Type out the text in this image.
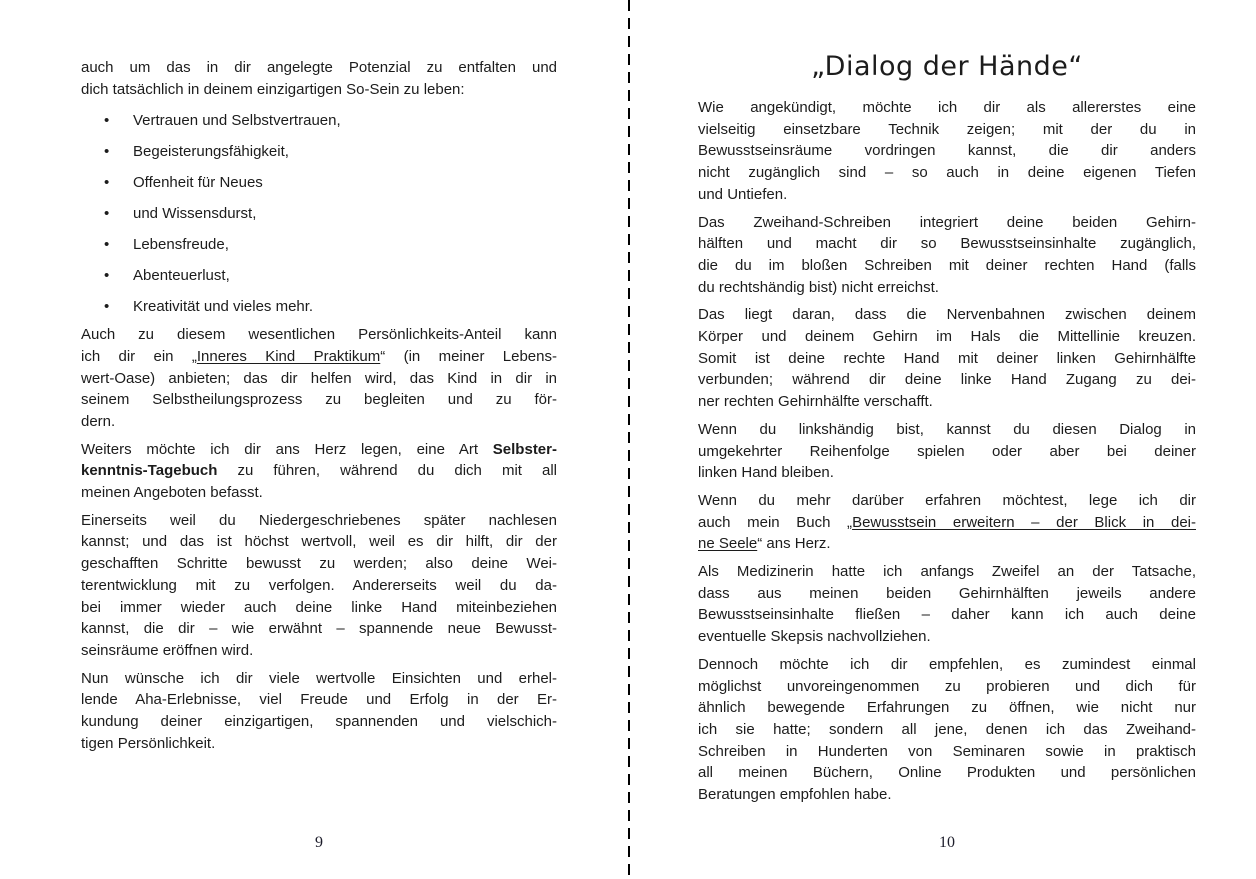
auch um das in dir angelegte Potenzial zu entfalten und
dich tatsächlich in deinem einzigartigen So-Sein zu leben:

• Vertrauen und Selbstvertrauen,
• Begeisterungsfähigkeit,
• Offenheit für Neues
• und Wissensdurst,
• Lebensfreude,
• Abenteuerlust,
• Kreativität und vieles mehr.

Auch zu diesem wesentlichen Persönlichkeits-Anteil kann
ich dir ein „Inneres Kind Praktikum“ (in meiner Lebens-
wert-Oase) anbieten; das dir helfen wird, das Kind in dir in
seinem Selbstheilungsprozess zu begleiten und zu för-
dern.

Weiters möchte ich dir ans Herz legen, eine Art Selbster-
kenntnis-Tagebuch zu führen, während du dich mit all
meinen Angeboten befasst.

Einerseits weil du Niedergeschriebenes später nachlesen
kannst; und das ist höchst wertvoll, weil es dir hilft, dir der
geschafften Schritte bewusst zu werden; also deine Wei-
terentwicklung mit zu verfolgen. Andererseits weil du da-
bei immer wieder auch deine linke Hand miteinbeziehen
kannst, die dir – wie erwähnt – spannende neue Bewusst-
seinsräume eröffnen wird.

Nun wünsche ich dir viele wertvolle Einsichten und erhel-
lende Aha-Erlebnisse, viel Freude und Erfolg in der Er-
kundung deiner einzigartigen, spannenden und vielschich-
tigen Persönlichkeit.

9
„Dialog der Hände“

Wie angekündigt, möchte ich dir als allererstes eine
vielseitig einsetzbare Technik zeigen; mit der du in
Bewusstseinsräume vordringen kannst, die dir anders
nicht zugänglich sind – so auch in deine eigenen Tiefen
und Untiefen.

Das Zweihand-Schreiben integriert deine beiden Gehirn-
hälften und macht dir so Bewusstseinsinhalte zugänglich,
die du im bloßen Schreiben mit deiner rechten Hand (falls
du rechtshändig bist) nicht erreichst.

Das liegt daran, dass die Nervenbahnen zwischen deinem
Körper und deinem Gehirn im Hals die Mittellinie kreuzen.
Somit ist deine rechte Hand mit deiner linken Gehirnhälfte
verbunden; während dir deine linke Hand Zugang zu dei-
ner rechten Gehirnhälfte verschafft.

Wenn du linkshändig bist, kannst du diesen Dialog in
umgekehrter Reihenfolge spielen oder aber bei deiner
linken Hand bleiben.

Wenn du mehr darüber erfahren möchtest, lege ich dir
auch mein Buch „Bewusstsein erweitern – der Blick in dei-
ne Seele“ ans Herz.

Als Medizinerin hatte ich anfangs Zweifel an der Tatsache,
dass aus meinen beiden Gehirnhälften jeweils andere
Bewusstseinsinhalte fließen – daher kann ich auch deine
eventuelle Skepsis nachvollziehen.

Dennoch möchte ich dir empfehlen, es zumindest einmal
möglichst unvoreingenommen zu probieren und dich für
ähnlich bewegende Erfahrungen zu öffnen, wie nicht nur
ich sie hatte; sondern all jene, denen ich das Zweihand-
Schreiben in Hunderten von Seminaren sowie in praktisch
all meinen Büchern, Online Produkten und persönlichen
Beratungen empfohlen habe.

10
